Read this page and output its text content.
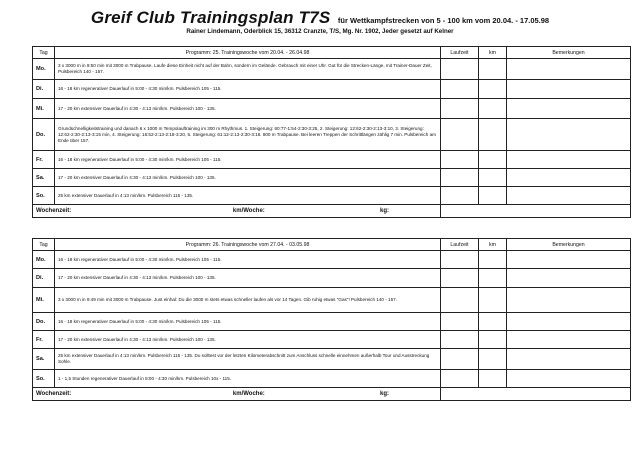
Greif Club Trainingsplan T7S für Wettkampfstrecken von 5 - 100 km vom 20.04. - 17.05.98
Rainer Lindemann, Oderblick 15, 36312 Cranzte, T/S, Mg. Nr. 1902, Jeder gesetzt auf Kelner
Tag	Programm: 25. Trainingswoche vom 20.04. - 26.04.98	Laufzeit	km	Bemerkungen
Mo.	3 x 3000 m in 9:50 min mit 3000 m Trabpause. Laufe diese Einheit nicht auf der Bahn, sondern im Gelände. Gebrauch mit einer Uhr. Gut für die Strecken-Länge, mit Trainer-Dauer Zeit, Pulsbereich 140 - 157.			
Di.	16 - 18 km regenerativer Dauerlauf in 5:00 - 4:30 min/km. Pulsbereich 105 - 115.			
Mi.	17 - 20 km extensiver Dauerlauf in 4:30 - 4:13 min/km. Pulsbereich 100 - 135.			
Do.	Grundschnelligkeitstraining und danach 6 x 1000 m Tempolauftraining im 300 m Rhythmus. 1. Steigerung: 60:77-1:54-2:30-3:25, 2. Steigerung: 12:62-2:30-2:13-3:10, 3. Steigerung: 12:62-2:30-2:13-3:15 min, 4. Steigerung: 16:52-2:13-2:18-3:20, 5. Steigerung: 61:12-2:13-2:30-3:18. 800 m Trabpause. Bei leeren Treppen der Schrittlängen zählig 7 min. Pulsbereich am Ende über 157.			
Fr.	16 - 18 km regenerativer Dauerlauf in 5:00 - 4:30 min/km. Pulsbereich 105 - 115.			
Sa.	17 - 20 km extensiver Dauerlauf in 4:30 - 4:13 min/km. Pulsbereich 100 - 135.			
So.	25 km extensiver Dauerlauf in 4:13 min/km. Pulsbereich 115 - 135.			
Wochenzeit: km/Woche:		kg:		
Tag	Programm: 26. Trainingswoche vom 27.04. - 03.05.98	Laufzeit	km	Bemerkungen
Mo.	16 - 18 km regenerativer Dauerlauf in 5:00 - 4:30 min/km. Pulsbereich 105 - 115.			
Di.	17 - 20 km extensiver Dauerlauf in 4:30 - 4:13 min/km. Pulsbereich 100 - 135.			
Mi.	3 x 3000 m in 9:49 min mit 3000 m Trabpause. Just einhal: Du die 3000 m stets etwas schneller laufen als vor 14 Tagen. Gib ruhig etwas "Gas"! Pulsbereich 140 - 157.			
Do.	16 - 18 km regenerativer Dauerlauf in 5:00 - 4:30 min/km. Pulsbereich 105 - 115.			
Fr.	17 - 20 km extensiver Dauerlauf in 4:30 - 4:13 min/km. Pulsbereich 100 - 135.			
Sa.	25 km extensiver Dauerlauf in 4:13 min/km. Pulsbereich 115 - 135. Du solltest vor der letzten Kilometerabschnitt zum Anschluss schnelle einnehmen außerhalb Tour und Ausstreckung Sohle.			
So.	1 - 1,5 Stunden regenerativer Dauerlauf in 5:00 - 4:30 min/km. Pulsbereich 10x - 115.			
Wochenzeit: km/Woche:		kg:		
